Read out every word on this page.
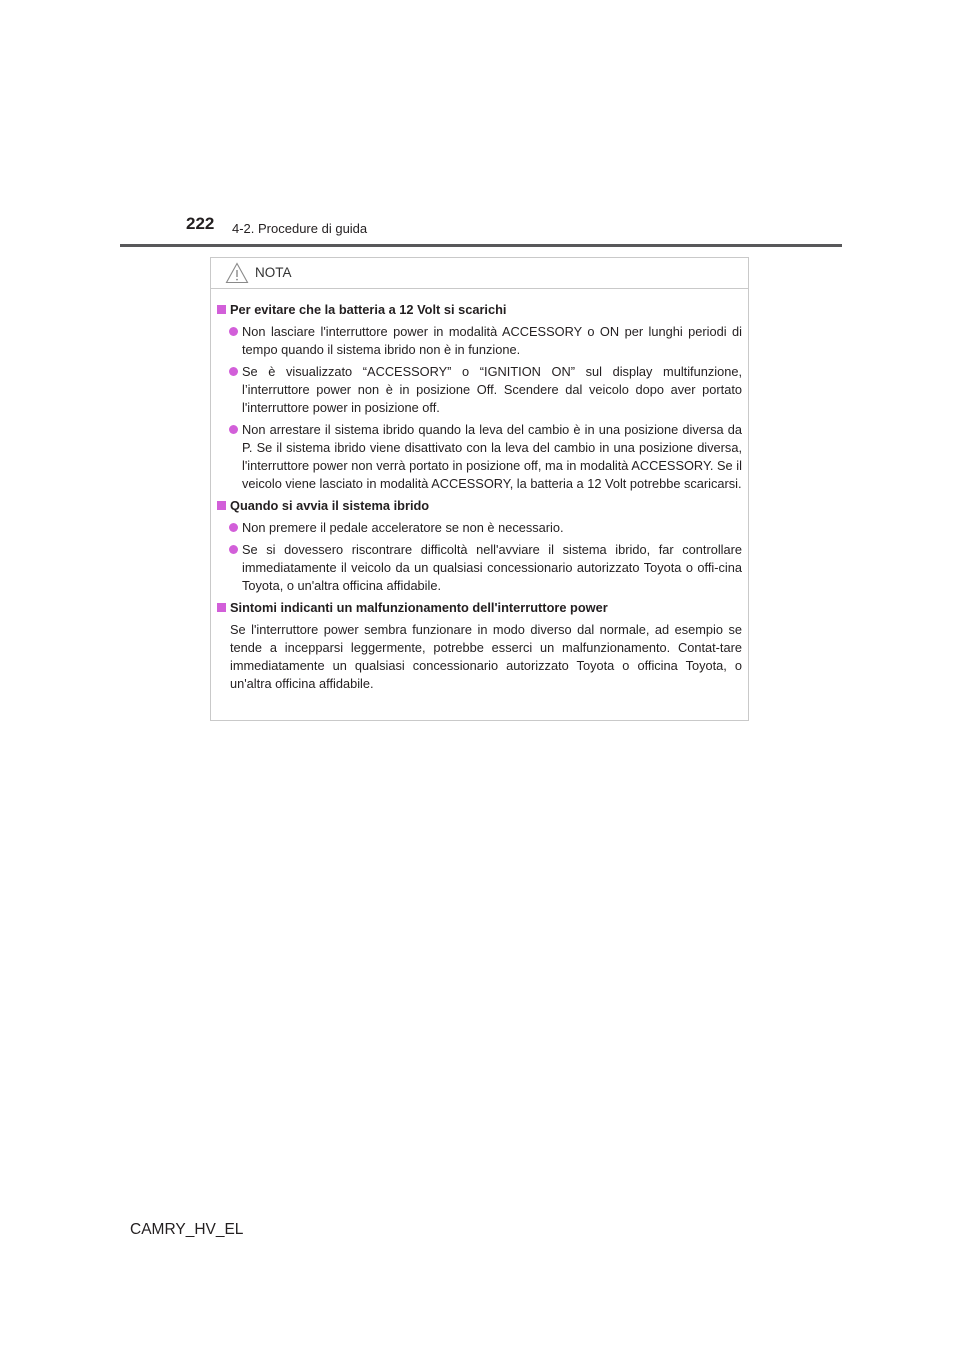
222 4-2. Procedure di guida
NOTA
Per evitare che la batteria a 12 Volt si scarichi
Non lasciare l'interruttore power in modalità ACCESSORY o ON per lunghi periodi di tempo quando il sistema ibrido non è in funzione.
Se è visualizzato “ACCESSORY” o “IGNITION ON” sul display multifunzione, l’interruttore power non è in posizione Off. Scendere dal veicolo dopo aver portato l'interruttore power in posizione off.
Non arrestare il sistema ibrido quando la leva del cambio è in una posizione diversa da P. Se il sistema ibrido viene disattivato con la leva del cambio in una posizione diversa, l'interruttore power non verrà portato in posizione off, ma in modalità ACCESSORY. Se il veicolo viene lasciato in modalità ACCESSORY, la batteria a 12 Volt potrebbe scaricarsi.
Quando si avvia il sistema ibrido
Non premere il pedale acceleratore se non è necessario.
Se si dovessero riscontrare difficoltà nell'avviare il sistema ibrido, far controllare immediatamente il veicolo da un qualsiasi concessionario autorizzato Toyota o offi-cina Toyota, o un'altra officina affidabile.
Sintomi indicanti un malfunzionamento dell'interruttore power
Se l'interruttore power sembra funzionare in modo diverso dal normale, ad esempio se tende a incepparsi leggermente, potrebbe esserci un malfunzionamento. Contat-tare immediatamente un qualsiasi concessionario autorizzato Toyota o officina Toyota, o un'altra officina affidabile.
CAMRY_HV_EL
